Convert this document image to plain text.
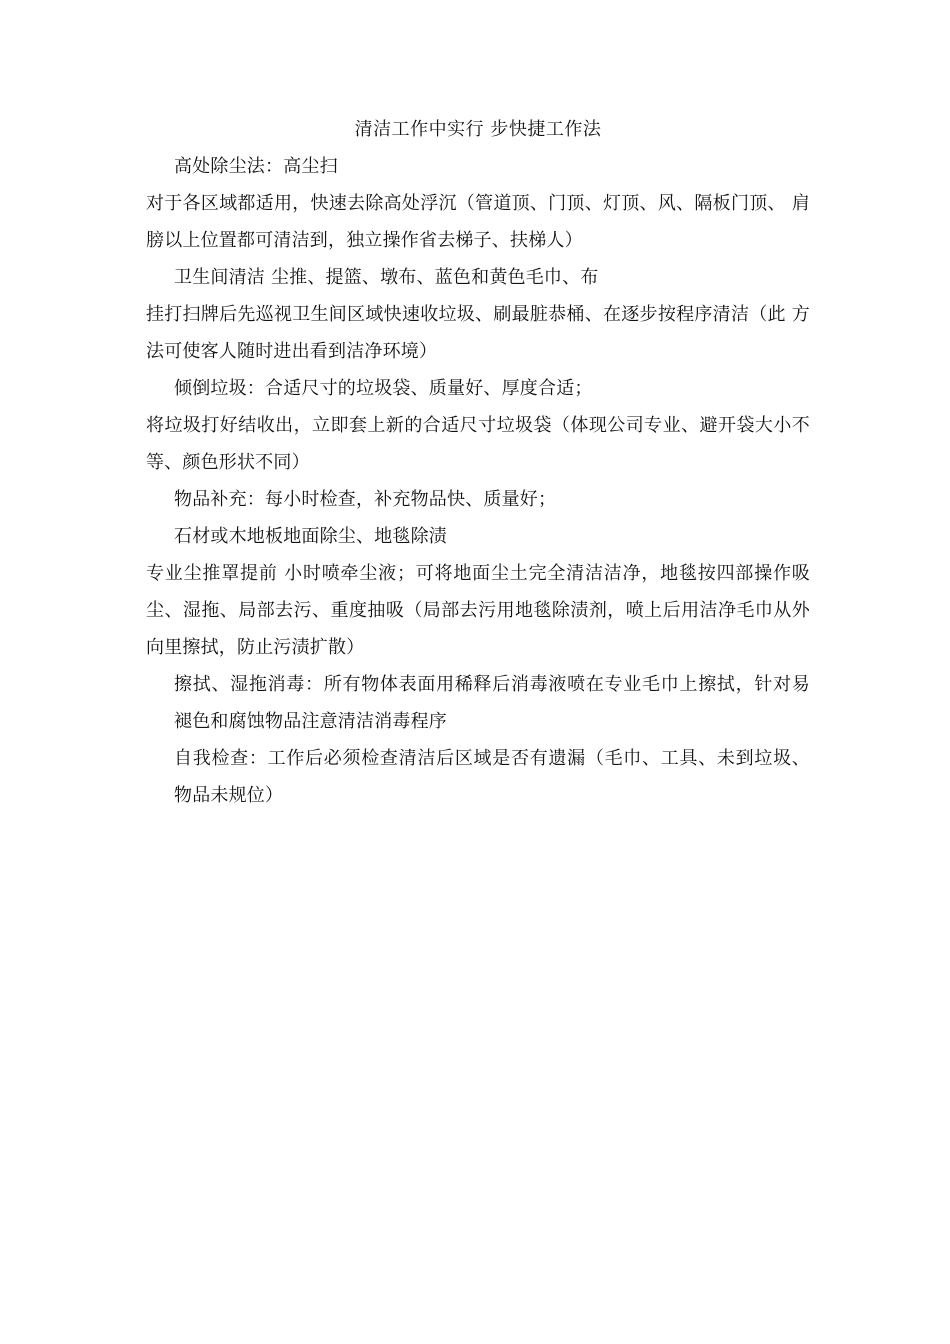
清洁工作中实行 步快捷工作法

高处除尘法：高尘扫

对于各区域都适用，快速去除高处浮沉（管道顶、门顶、灯顶、风、隔板门顶、 肩膀以上位置都可清洁到，独立操作省去梯子、扶梯人）

卫生间清洁 尘推、提篮、墩布、蓝色和黄色毛巾、布

挂打扫牌后先巡视卫生间区域快速收垃圾、刷最脏恭桶、在逐步按程序清洁（此 方法可使客人随时进出看到洁净环境）

倾倒垃圾：合适尺寸的垃圾袋、质量好、厚度合适；

将垃圾打好结收出，立即套上新的合适尺寸垃圾袋（体现公司专业、避开袋大小不等、颜色形状不同）

物品补充：每小时检查，补充物品快、质量好；

石材或木地板地面除尘、地毯除渍

专业尘推罩提前 小时喷牵尘液；可将地面尘土完全清洁洁净，地毯按四部操作吸尘、湿拖、局部去污、重度抽吸（局部去污用地毯除渍剂，喷上后用洁净毛巾从外向里擦拭，防止污渍扩散）

擦拭、湿拖消毒：所有物体表面用稀释后消毒液喷在专业毛巾上擦拭，针对易褪色和腐蚀物品注意清洁消毒程序

自我检查：工作后必须检查清洁后区域是否有遗漏（毛巾、工具、未到垃圾、 物品未规位）
